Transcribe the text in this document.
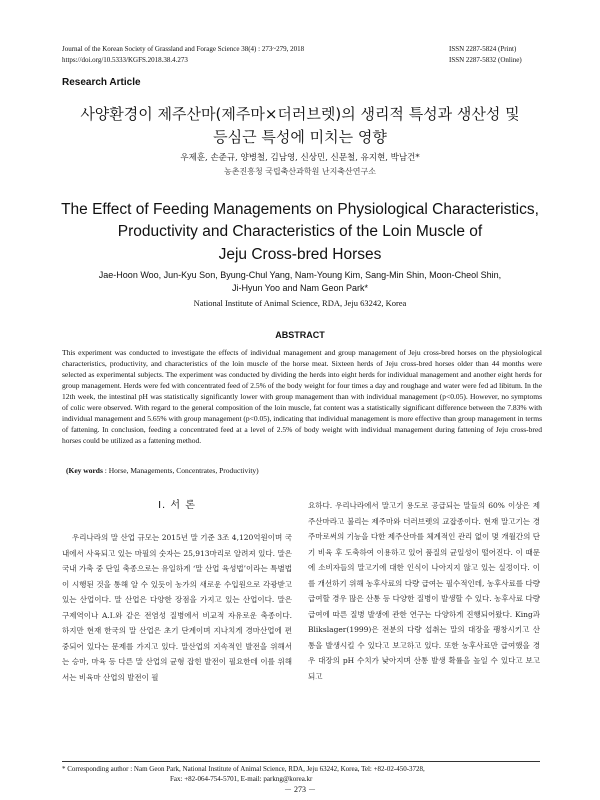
Journal of the Korean Society of Grassland and Forage Science 38(4) : 273~279, 2018
https://doi.org/10.5333/KGFS.2018.38.4.273
ISSN 2287-5824 (Print)
ISSN 2287-5832 (Online)
Research Article
사양환경이 제주산마(제주마×더러브렛)의 생리적 특성과 생산성 및
등심근 특성에 미치는 영향
우제훈, 손준규, 양병철, 김남영, 신상민, 신문철, 유지현, 박남건*
농촌진흥청 국립축산과학원 난지축산연구소
The Effect of Feeding Managements on Physiological Characteristics,
Productivity and Characteristics of the Loin Muscle of
Jeju Cross-bred Horses
Jae-Hoon Woo, Jun-Kyu Son, Byung-Chul Yang, Nam-Young Kim, Sang-Min Shin, Moon-Cheol Shin,
Ji-Hyun Yoo and Nam Geon Park*
National Institute of Animal Science, RDA, Jeju 63242, Korea
ABSTRACT
This experiment was conducted to investigate the effects of individual management and group management of Jeju cross-bred horses on the physiological characteristics, productivity, and characteristics of the loin muscle of the horse meat. Sixteen herds of Jeju cross-bred horses older than 44 months were selected as experimental subjects. The experiment was conducted by dividing the herds into eight herds for individual management and another eight herds for group management. Herds were fed with concentrated feed of 2.5% of the body weight for four times a day and roughage and water were fed ad libitum. In the 12th week, the intestinal pH was statistically significantly lower with group management than with individual management (p<0.05). However, no symptoms of colic were observed. With regard to the general composition of the loin muscle, fat content was a statistically significant difference between the 7.83% with individual management and 5.65% with group management (p<0.05), indicating that individual management is more effective than group management in terms of fattening. In conclusion, feeding a concentrated feed at a level of 2.5% of body weight with individual management during fattening of Jeju cross-bred horses could be utilized as a fattening method.
(Key words : Horse, Managements, Concentrates, Productivity)
Ⅰ. 서 론

우리나라의 말 산업 규모는 2015년 말 기준 3조 4,120억원이며 국내에서 사육되고 있는 마필의 숫자는 25,913마리로 알려져 있다. 말은 국내 가축 중 단일 축종으로는 유일하게 ‘말 산업 육성법’이라는 특별법이 시행된 것을 통해 알 수 있듯이 농가의 새로운 수입원으로 각광받고 있는 산업이다. 말 산업은 다양한 장점을 가지고 있는 산업이다. 말은 구제역이나 A.I.와 같은 전염성 질병에서 비교적 자유로운 축종이다. 하지만 현재 한국의 말 산업은 초기 단계이며 지나치게 경마산업에 편중되어 있다는 문제를 가지고 있다. 말산업의 지속적인 발전을 위해서는 승마, 마육 등 다른 말 산업의 균형 잡힌 발전이 필요한데 이를 위해서는 비육마 산업의 발전이 필

요하다. 우리나라에서 말고기 용도로 공급되는 말들의 60% 이상은 제주산마라고 불리는 제주마와 더러브렛의 교잡종이다. 현재 말고기는 경주마로써의 기능을 다한 제주산마를 체계적인 관리 없이 몇 개월간의 단기 비육 후 도축하여 이용하고 있어 품질의 균일성이 떨어진다. 이 때문에 소비자들의 말고기에 대한 인식이 나아지지 않고 있는 실정이다. 이를 개선하기 위해 농후사료의 다량 급여는 필수적인데, 농후사료를 다량 급여할 경우 많은 산통 등 다양한 질병이 발생할 수 있다. 농후사료 다량 급여에 따른 질병 발생에 관한 연구는 다양하게 진행되어왔다. King과 Blikslager(1999)은 전분의 다량 섭취는 말의 대장을 팽창시키고 산통을 발생시킬 수 있다고 보고하고 있다. 또한 농후사료만 급여했을 경우 대장의 pH 수치가 낮아지며 산통 발생 확률을 높일 수 있다고 보고되고

* Corresponding author : Nam Geon Park, National Institute of Animal Science, RDA, Jeju 63242, Korea, Tel: +82-02-450-3728,
Fax: +82-064-754-5701, E-mail: parkng@korea.kr
－ 273 －
